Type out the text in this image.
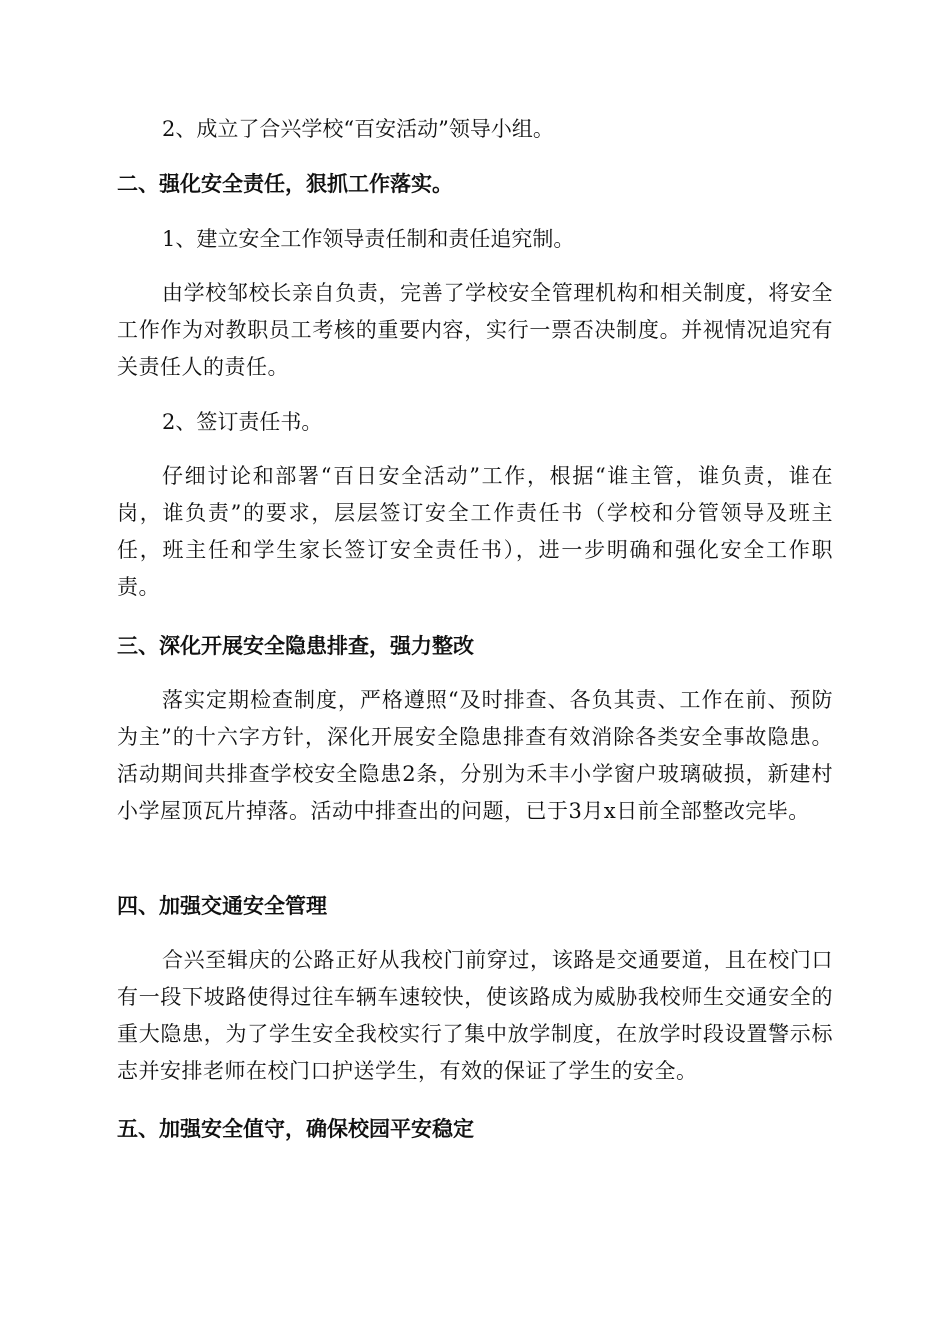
2、成立了合兴学校“百安活动”领导小组。

二、强化安全责任，狠抓工作落实。

1、建立安全工作领导责任制和责任追究制。

由学校邹校长亲自负责，完善了学校安全管理机构和相关制度，将安全工作作为对教职员工考核的重要内容，实行一票否决制度。并视情况追究有关责任人的责任。

2、签订责任书。

仔细讨论和部署“百日安全活动”工作，根据“谁主管，谁负责，谁在岗，谁负责”的要求，层层签订安全工作责任书（学校和分管领导及班主任，班主任和学生家长签订安全责任书），进一步明确和强化安全工作职责。

三、深化开展安全隐患排查，强力整改

落实定期检查制度，严格遵照“及时排查、各负其责、工作在前、预防为主”的十六字方针，深化开展安全隐患排查有效消除各类安全事故隐患。活动期间共排查学校安全隐患2条，分别为禾丰小学窗户玻璃破损，新建村小学屋顶瓦片掉落。活动中排查出的问题，已于3月x日前全部整改完毕。

四、加强交通安全管理

合兴至辑庆的公路正好从我校门前穿过，该路是交通要道，且在校门口有一段下坡路使得过往车辆车速较快，使该路成为威胁我校师生交通安全的重大隐患，为了学生安全我校实行了集中放学制度，在放学时段设置警示标志并安排老师在校门口护送学生，有效的保证了学生的安全。

五、加强安全值守，确保校园平安稳定
